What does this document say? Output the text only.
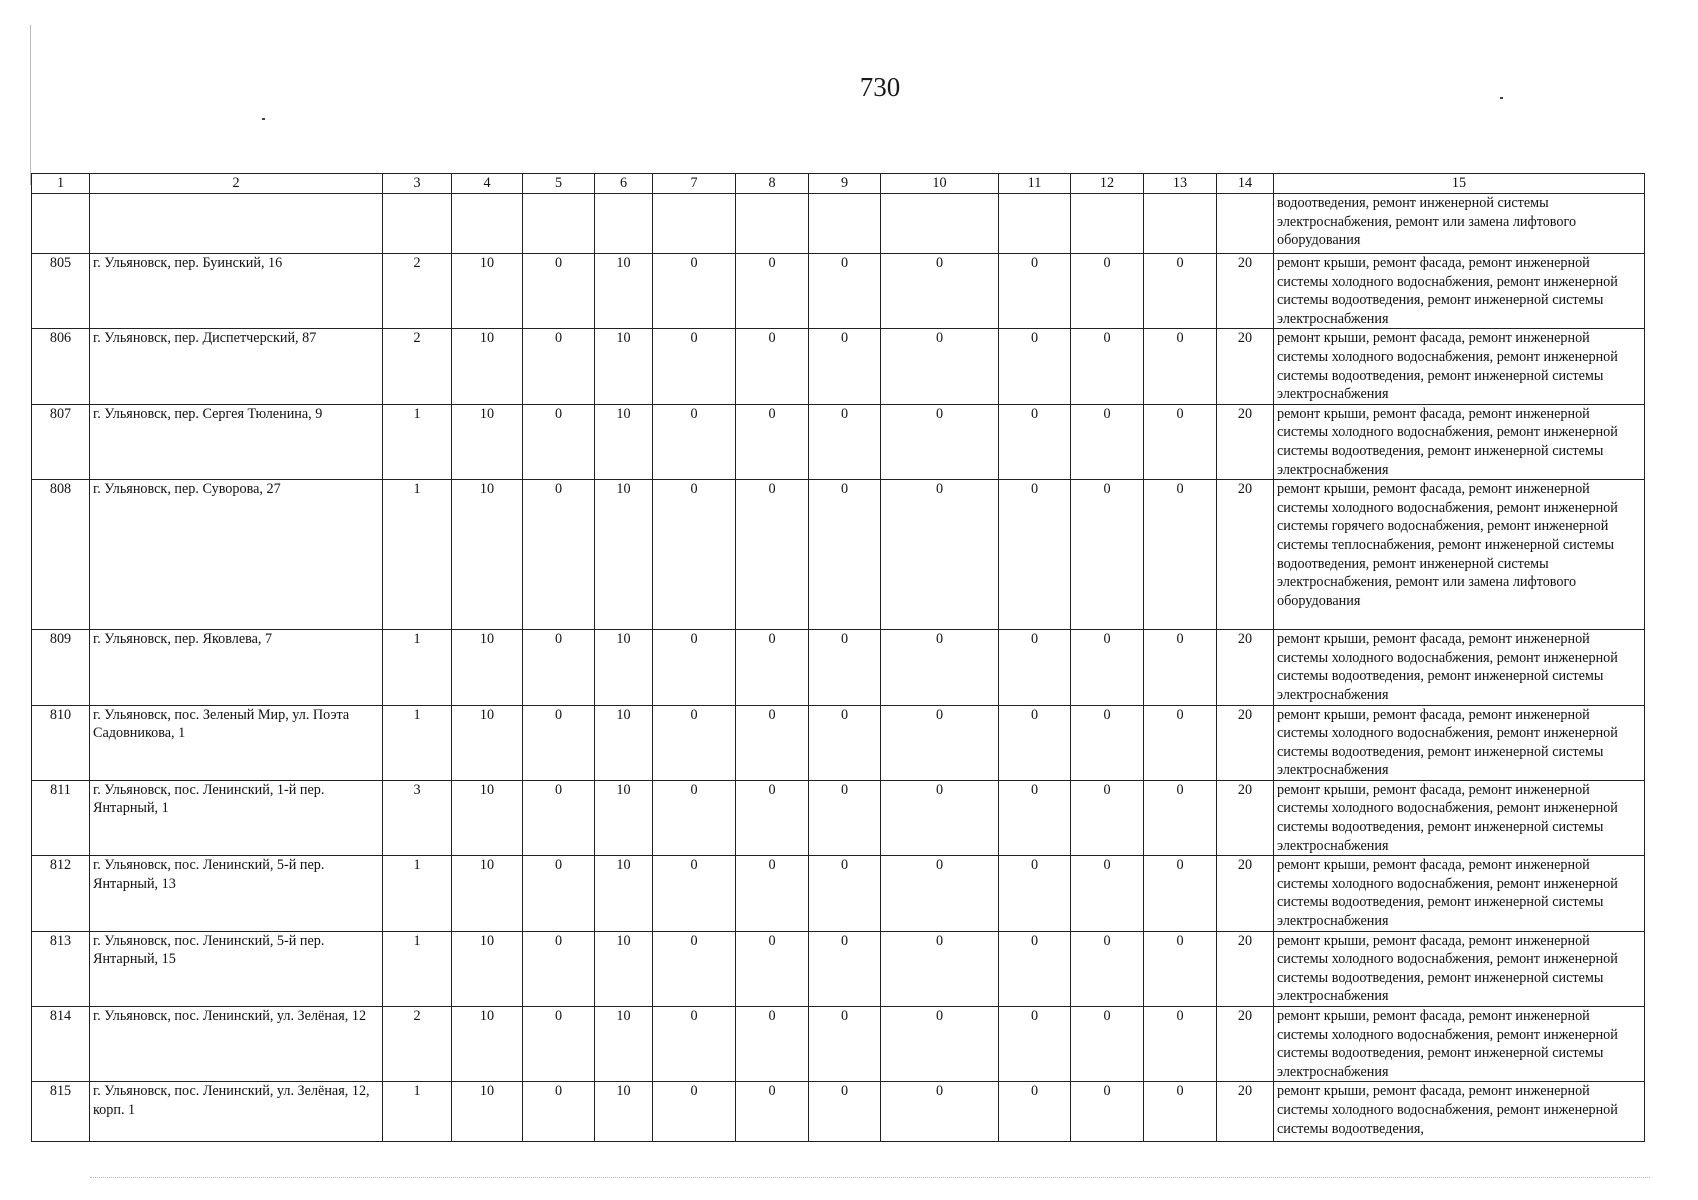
730
1	2	3	4	5	6	7	8	9	10	11	12	13	14	15
														водоотведения, ремонт инженерной системы электроснабжения, ремонт или замена лифтового оборудования
805	г. Ульяновск, пер. Буинский, 16	2	10	0	10	0	0	0	0	0	0	0	20	ремонт крыши, ремонт фасада, ремонт инженерной системы холодного водоснабжения, ремонт инженерной системы водоотведения, ремонт инженерной системы электроснабжения
806	г. Ульяновск, пер. Диспетчерский, 87	2	10	0	10	0	0	0	0	0	0	0	20	ремонт крыши, ремонт фасада, ремонт инженерной системы холодного водоснабжения, ремонт инженерной системы водоотведения, ремонт инженерной системы электроснабжения
807	г. Ульяновск, пер. Сергея Тюленина, 9	1	10	0	10	0	0	0	0	0	0	0	20	ремонт крыши, ремонт фасада, ремонт инженерной системы холодного водоснабжения, ремонт инженерной системы водоотведения, ремонт инженерной системы электроснабжения
808	г. Ульяновск, пер. Суворова, 27	1	10	0	10	0	0	0	0	0	0	0	20	ремонт крыши, ремонт фасада, ремонт инженерной системы холодного водоснабжения, ремонт инженерной системы горячего водоснабжения, ремонт инженерной системы теплоснабжения, ремонт инженерной системы водоотведения, ремонт инженерной системы электроснабжения, ремонт или замена лифтового оборудования
809	г. Ульяновск, пер. Яковлева, 7	1	10	0	10	0	0	0	0	0	0	0	20	ремонт крыши, ремонт фасада, ремонт инженерной системы холодного водоснабжения, ремонт инженерной системы водоотведения, ремонт инженерной системы электроснабжения
810	г. Ульяновск, пос. Зеленый Мир, ул. Поэта Садовникова, 1	1	10	0	10	0	0	0	0	0	0	0	20	ремонт крыши, ремонт фасада, ремонт инженерной системы холодного водоснабжения, ремонт инженерной системы водоотведения, ремонт инженерной системы электроснабжения
811	г. Ульяновск, пос. Ленинский, 1-й пер. Янтарный, 1	3	10	0	10	0	0	0	0	0	0	0	20	ремонт крыши, ремонт фасада, ремонт инженерной системы холодного водоснабжения, ремонт инженерной системы водоотведения, ремонт инженерной системы электроснабжения
812	г. Ульяновск, пос. Ленинский, 5-й пер. Янтарный, 13	1	10	0	10	0	0	0	0	0	0	0	20	ремонт крыши, ремонт фасада, ремонт инженерной системы холодного водоснабжения, ремонт инженерной системы водоотведения, ремонт инженерной системы электроснабжения
813	г. Ульяновск, пос. Ленинский, 5-й пер. Янтарный, 15	1	10	0	10	0	0	0	0	0	0	0	20	ремонт крыши, ремонт фасада, ремонт инженерной системы холодного водоснабжения, ремонт инженерной системы водоотведения, ремонт инженерной системы электроснабжения
814	г. Ульяновск, пос. Ленинский, ул. Зелёная, 12	2	10	0	10	0	0	0	0	0	0	0	20	ремонт крыши, ремонт фасада, ремонт инженерной системы холодного водоснабжения, ремонт инженерной системы водоотведения, ремонт инженерной системы электроснабжения
815	г. Ульяновск, пос. Ленинский, ул. Зелёная, 12, корп. 1	1	10	0	10	0	0	0	0	0	0	0	20	ремонт крыши, ремонт фасада, ремонт инженерной системы холодного водоснабжения, ремонт инженерной системы водоотведения,
